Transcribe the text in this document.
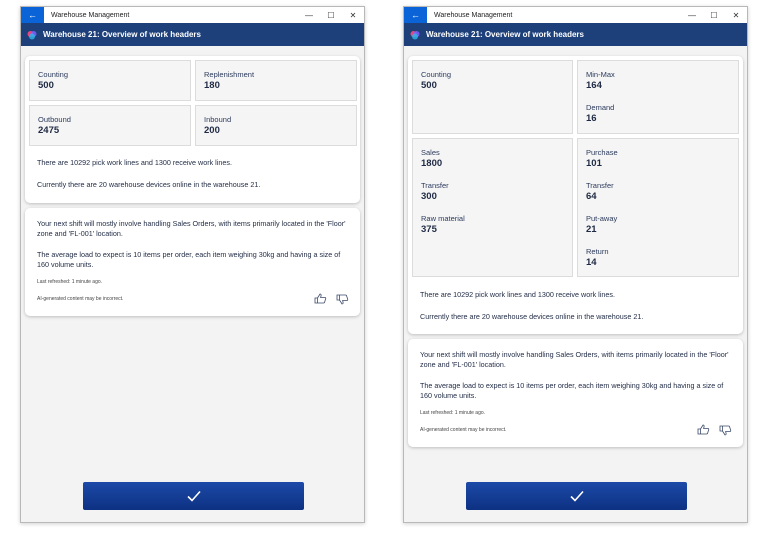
← Warehouse Management	— ☐ ✕
Warehouse 21: Overview of work headers
Counting
500
Replenishment
180
Outbound
2475
Inbound
200
There are 10292 pick work lines and 1300 receive work lines.
Currently there are 20 warehouse devices online in the warehouse 21.
Your next shift will mostly involve handling Sales Orders, with items primarily located in the 'Floor' zone and 'FL-001' location.
The average load to expect is 10 items per order, each item weighing 30kg and having a size of 160 volume units.
Last refreshed: 1 minute ago.
AI-generated content may be incorrect.
← Warehouse Management	— ☐ ✕
Warehouse 21: Overview of work headers
Counting
500
Min-Max
164
Demand
16
Sales
1800
Transfer
300
Raw material
375
Purchase
101
Transfer
64
Put-away
21
Return
14
There are 10292 pick work lines and 1300 receive work lines.
Currently there are 20 warehouse devices online in the warehouse 21.
Your next shift will mostly involve handling Sales Orders, with items primarily located in the 'Floor' zone and 'FL-001' location.
The average load to expect is 10 items per order, each item weighing 30kg and having a size of 160 volume units.
Last refreshed: 1 minute ago.
AI-generated content may be incorrect.
